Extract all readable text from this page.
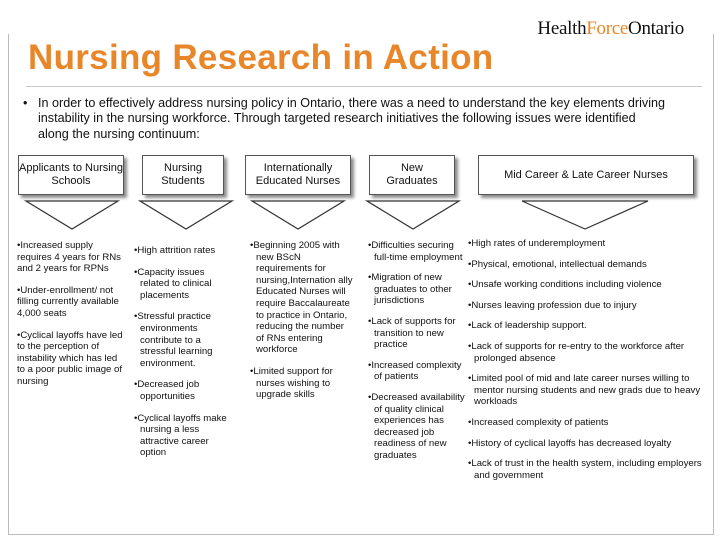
HealthForceOntario
Nursing Research in Action
• In order to effectively address nursing policy in Ontario, there was a need to understand the key elements driving instability in the nursing workforce. Through targeted research initiatives the following issues were identified along the nursing continuum:
Applicants to Nursing Schools
Nursing Students
Internationally Educated Nurses
New Graduates
Mid Career & Late Career Nurses

•Increased supply requires 4 years for RNs and 2 years for RPNs

•Under-enrollment/ not filling currently available 4,000 seats

•Cyclical layoffs have led to the perception of instability which has led to a poor public image of nursing

•High attrition rates

•Capacity issues related to clinical placements

•Stressful practice environments contribute to a stressful learning environment.

•Decreased job opportunities

•Cyclical layoffs make nursing a less attractive career option

•Beginning 2005 with new BScN requirements for nursing,Internation ally Educated Nurses will require Baccalaureate to practice in Ontario, reducing the number of RNs entering workforce

•Limited support for nurses wishing to upgrade skills

•Difficulties securing full-time employment

•Migration of new graduates to other jurisdictions

•Lack of supports for transition to new practice

•Increased complexity of patients

•Decreased availability of quality clinical experiences has decreased job readiness of new graduates

•High rates of underemployment

•Physical, emotional, intellectual demands

•Unsafe working conditions including violence

•Nurses leaving profession due to injury

•Lack of leadership support.

•Lack of supports for re-entry to the workforce after prolonged absence

•Limited pool of mid and late career nurses willing to mentor nursing students and new grads due to heavy workloads

•Increased complexity of patients

•History of cyclical layoffs has decreased loyalty

•Lack of trust in the health system, including employers and government
